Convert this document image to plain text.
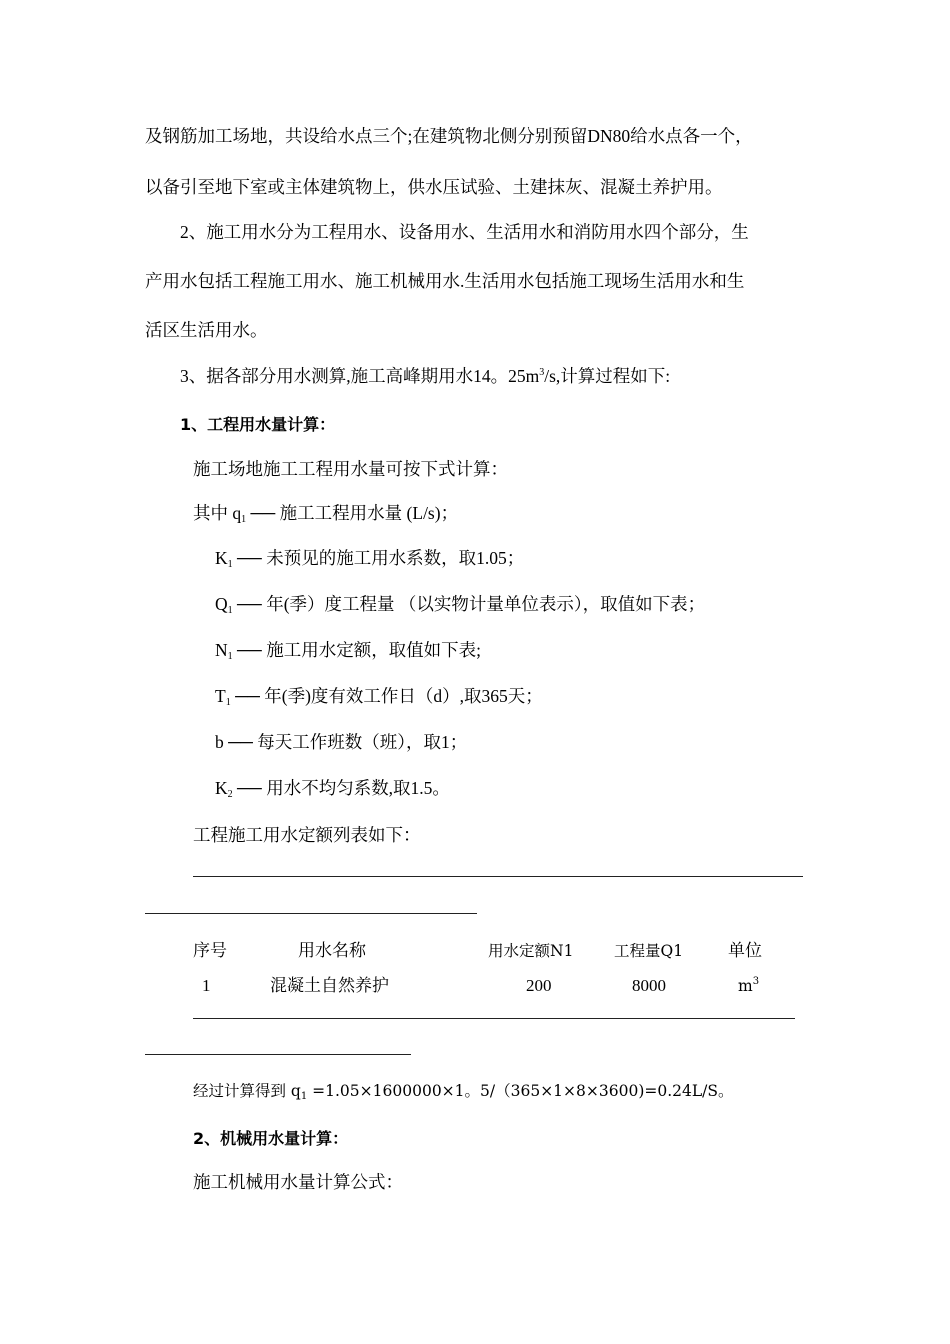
及钢筋加工场地，共设给水点三个;在建筑物北侧分别预留DN80给水点各一个，
以备引至地下室或主体建筑物上，供水压试验、土建抹灰、混凝土养护用。
2、施工用水分为工程用水、设备用水、生活用水和消防用水四个部分，生
产用水包括工程施工用水、施工机械用水.生活用水包括施工现场生活用水和生
活区生活用水。
3、据各部分用水测算,施工高峰期用水14。$25m^3/s$,计算过程如下:
1、工程用水量计算：
施工场地施工工程用水量可按下式计算：
其中 $q_1$ ── 施工工程用水量 (L/s)；
$K_1$ ── 未预见的施工用水系数，取1.05；
$Q_1$ ── 年(季）度工程量 （以实物计量单位表示），取值如下表；
$N_1$ ── 施工用水定额，取值如下表;
$T_1$ ── 年(季)度有效工作日（d）,取365天；
b ── 每天工作班数（班），取1；
$K_2$ ── 用水不均匀系数,取1.5。
工程施工用水定额列表如下：
序号	用水名称	用水定额N1	工程量Q1	单位
1	混凝土自然养护	200	8000	$m^3$
经过计算得到 $q_1 =1.05\times 1600000\times 1$。5/（365×1×8×3600)=0.24L/S。
2、机械用水量计算：
施工机械用水量计算公式：
